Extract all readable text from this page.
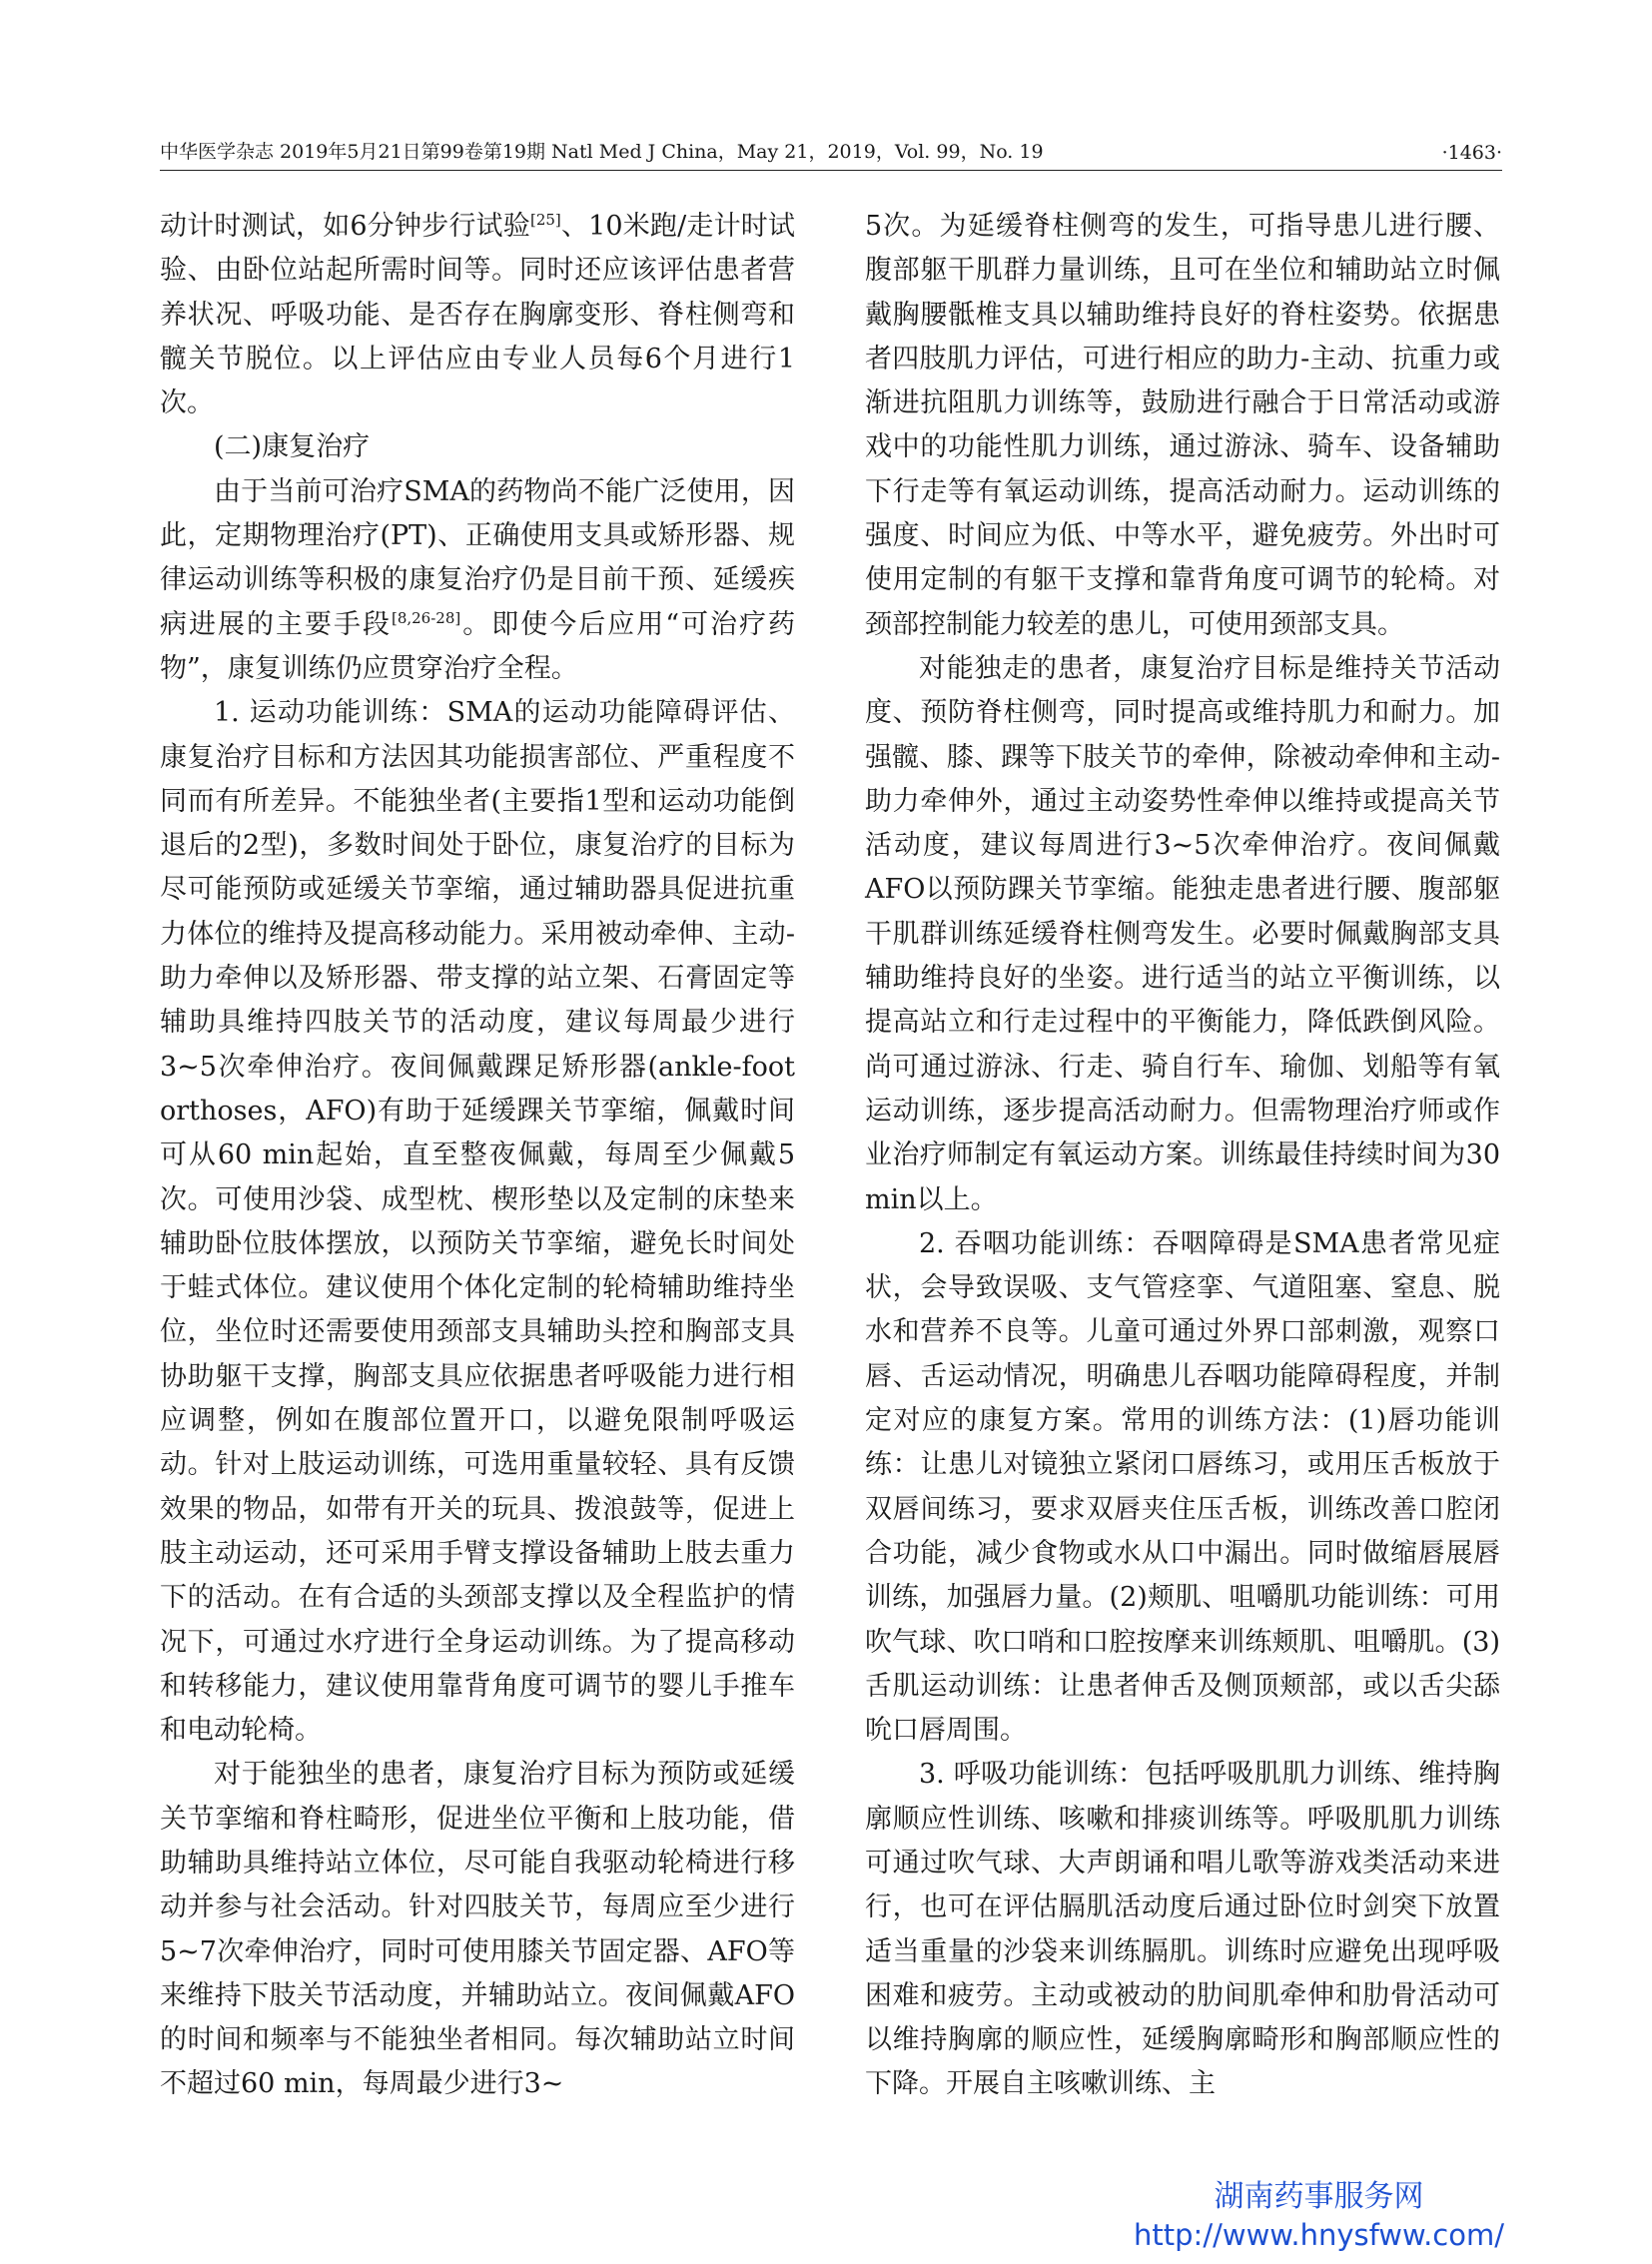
中华医学杂志 2019年5月21日第99卷第19期 Natl Med J China，May 21，2019，Vol. 99，No. 19	·1463·

动计时测试，如6分钟步行试验[25]、10米跑/走计时试验、由卧位站起所需时间等。同时还应该评估患者营养状况、呼吸功能、是否存在胸廓变形、脊柱侧弯和髋关节脱位。以上评估应由专业人员每6个月进行1次。

(二)康复治疗

由于当前可治疗SMA的药物尚不能广泛使用，因此，定期物理治疗(PT)、正确使用支具或矫形器、规律运动训练等积极的康复治疗仍是目前干预、延缓疾病进展的主要手段[8,26-28]。即使今后应用“可治疗药物”，康复训练仍应贯穿治疗全程。

1. 运动功能训练：SMA的运动功能障碍评估、康复治疗目标和方法因其功能损害部位、严重程度不同而有所差异。不能独坐者(主要指1型和运动功能倒退后的2型)，多数时间处于卧位，康复治疗的目标为尽可能预防或延缓关节挛缩，通过辅助器具促进抗重力体位的维持及提高移动能力。采用被动牵伸、主动-助力牵伸以及矫形器、带支撑的站立架、石膏固定等辅助具维持四肢关节的活动度，建议每周最少进行3~5次牵伸治疗。夜间佩戴踝足矫形器(ankle-foot orthoses，AFO)有助于延缓踝关节挛缩，佩戴时间可从60 min起始，直至整夜佩戴，每周至少佩戴5次。可使用沙袋、成型枕、楔形垫以及定制的床垫来辅助卧位肢体摆放，以预防关节挛缩，避免长时间处于蛙式体位。建议使用个体化定制的轮椅辅助维持坐位，坐位时还需要使用颈部支具辅助头控和胸部支具协助躯干支撑，胸部支具应依据患者呼吸能力进行相应调整，例如在腹部位置开口，以避免限制呼吸运动。针对上肢运动训练，可选用重量较轻、具有反馈效果的物品，如带有开关的玩具、拨浪鼓等，促进上肢主动运动，还可采用手臂支撑设备辅助上肢去重力下的活动。在有合适的头颈部支撑以及全程监护的情况下，可通过水疗进行全身运动训练。为了提高移动和转移能力，建议使用靠背角度可调节的婴儿手推车和电动轮椅。

对于能独坐的患者，康复治疗目标为预防或延缓关节挛缩和脊柱畸形，促进坐位平衡和上肢功能，借助辅助具维持站立体位，尽可能自我驱动轮椅进行移动并参与社会活动。针对四肢关节，每周应至少进行5~7次牵伸治疗，同时可使用膝关节固定器、AFO等来维持下肢关节活动度，并辅助站立。夜间佩戴AFO的时间和频率与不能独坐者相同。每次辅助站立时间不超过60 min，每周最少进行3~

5次。为延缓脊柱侧弯的发生，可指导患儿进行腰、腹部躯干肌群力量训练，且可在坐位和辅助站立时佩戴胸腰骶椎支具以辅助维持良好的脊柱姿势。依据患者四肢肌力评估，可进行相应的助力-主动、抗重力或渐进抗阻肌力训练等，鼓励进行融合于日常活动或游戏中的功能性肌力训练，通过游泳、骑车、设备辅助下行走等有氧运动训练，提高活动耐力。运动训练的强度、时间应为低、中等水平，避免疲劳。外出时可使用定制的有躯干支撑和靠背角度可调节的轮椅。对颈部控制能力较差的患儿，可使用颈部支具。

对能独走的患者，康复治疗目标是维持关节活动度、预防脊柱侧弯，同时提高或维持肌力和耐力。加强髋、膝、踝等下肢关节的牵伸，除被动牵伸和主动-助力牵伸外，通过主动姿势性牵伸以维持或提高关节活动度，建议每周进行3~5次牵伸治疗。夜间佩戴AFO以预防踝关节挛缩。能独走患者进行腰、腹部躯干肌群训练延缓脊柱侧弯发生。必要时佩戴胸部支具辅助维持良好的坐姿。进行适当的站立平衡训练，以提高站立和行走过程中的平衡能力，降低跌倒风险。尚可通过游泳、行走、骑自行车、瑜伽、划船等有氧运动训练，逐步提高活动耐力。但需物理治疗师或作业治疗师制定有氧运动方案。训练最佳持续时间为30 min以上。

2. 吞咽功能训练：吞咽障碍是SMA患者常见症状，会导致误吸、支气管痉挛、气道阻塞、窒息、脱水和营养不良等。儿童可通过外界口部刺激，观察口唇、舌运动情况，明确患儿吞咽功能障碍程度，并制定对应的康复方案。常用的训练方法：(1)唇功能训练：让患儿对镜独立紧闭口唇练习，或用压舌板放于双唇间练习，要求双唇夹住压舌板，训练改善口腔闭合功能，减少食物或水从口中漏出。同时做缩唇展唇训练，加强唇力量。(2)颊肌、咀嚼肌功能训练：可用吹气球、吹口哨和口腔按摩来训练颊肌、咀嚼肌。(3)舌肌运动训练：让患者伸舌及侧顶颊部，或以舌尖舔吮口唇周围。

3. 呼吸功能训练：包括呼吸肌肌力训练、维持胸廓顺应性训练、咳嗽和排痰训练等。呼吸肌肌力训练可通过吹气球、大声朗诵和唱儿歌等游戏类活动来进行，也可在评估膈肌活动度后通过卧位时剑突下放置适当重量的沙袋来训练膈肌。训练时应避免出现呼吸困难和疲劳。主动或被动的肋间肌牵伸和肋骨活动可以维持胸廓的顺应性，延缓胸廓畸形和胸部顺应性的下降。开展自主咳嗽训练、主

湖南药事服务网
http://www.hnysfww.com/
